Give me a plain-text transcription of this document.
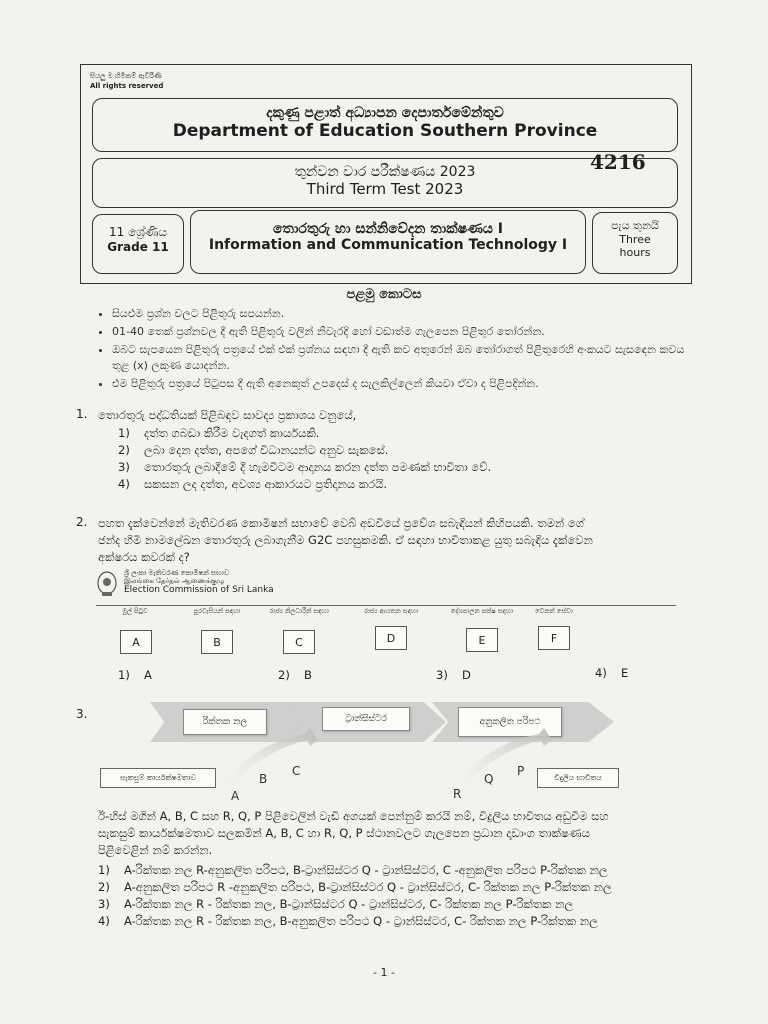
සියලු ම හිමිකම් ඇවිරිණි
All rights reserved
දකුණු පළාත් අධ්‍යාපන දෙපාර්තමේන්තුව
Department of Education Southern Province
තුන්වන වාර පරීක්ෂණය 2023
Third Term Test 2023
4216
11 ශ්‍රේණිය
Grade 11
තොරතුරු හා සන්නිවේදන තාක්ෂණය I
Information and Communication Technology I
පැය තුනයි
Three
hours
පළමු කොටස
• සියළුම ප්‍රශ්න වලට පිළිතුරු සපයන්න.
• 01-40 තෙක් ප්‍රශ්නවල දී ඇති පිළිතුරු වලින් නිවැරදි හෝ වඩාත්ම ගැලපෙන පිළිතුර තෝරන්න.
• ඔබට සැපයෙන පිළිතුරු පත්‍රයේ එක් එක් ප්‍රශ්නය සඳහා දී ඇති කව අතුරෙන් ඔබ තෝරාගත් පිළිතුරෙහි අංකයට සැසඳෙන කවය තුළ (x) ලකුණ යොදන්න.
• එම පිළිතුරු පත්‍රයේ පිටුපස දී ඇති අනෙකුත් උපදෙස් ද සැලකිල්ලෙන් කියවා ඒවා ද පිළිපදින්න.
1. තොරතුරු පද්ධතියක් පිළිබඳව සාවද්‍ය ප්‍රකාශය වනුයේ,
1) දත්ත ගබඩා කිරීම වැදගත් කාර්යයකි.
2) ලබා දෙන දත්ත, අපගේ විධානයන්ට අනුව සැකසේ.
3) තොරතුරු ලබාදීමේ දී හැමවිටම ආදානය කරන දත්ත පමණක් භාවිතා වේ.
4) සකසන ලද දත්ත, අවශ්‍ය ආකාරයට ප්‍රතිදානය කරයි.
2. පහත දැක්වෙන්නේ මැතිවරණ කොමිෂන් සභාවේ වෙබ් අඩවියේ ප්‍රවේශ සබැඳියන් කිහිපයකි. තමන් ගේ
ඡන්ද හිමි නාමලේඛන තොරතුරු ලබාගැනීම G2C පහසුකමකි. ඒ සඳහා භාවිතාකළ යුතු සබැඳිය දැක්වෙන
අක්ෂරය කවරක් ද?
ශ්‍රී ලංකා මැතිවරණ කොමිෂන් සභාව
இலங்கை தேர்தல் ஆணைக்குழு
Election Commission of Sri Lanka
මුල් පිටුව
A
පුරවැසියන් සඳහා
B
රාජ්‍ය නිලධාරීන් සඳහා
C
රාජ්‍ය ආයතන සඳහා
D
දේශපාලන පක්ෂ සඳහා
E
වෙනත් සේවා
F
1) A	2) B	3) D	4) E
3.
රික්තක නල	ට්‍රාන්සිස්ටර	අනුකලිත පරිපථ
සැකසුම් කාර්යක්ෂමතාව	විදුලිය භාවිතය
A
B
C
R
Q
P
ඊ-හිස් මගින් A, B, C සහ R, Q, P පිළිවෙලින් වැඩි අගයක් පෙන්නුම් කරයි නම්, විදුලිය භාවිතය අඩුවීම සහ
සැකසුම් කාර්යක්ෂමතාව සලකමින් A, B, C හා R, Q, P ස්ථානවලට ගැලපෙන ප්‍රධාන දෘඩාංග තාක්ෂණය
පිළිවෙළින් නම් කරන්න.
1) A-රික්තක නල R-අනුකලිත පරිපථ, B-ට්‍රාන්සිස්ටර Q - ට්‍රාන්සිස්ටර, C -අනුකලිත පරිපථ P-රික්තක නල
2) A-අනුකලිත පරිපථ R -අනුකලිත පරිපථ, B-ට්‍රාන්සිස්ටර Q - ට්‍රාන්සිස්ටර, C- රික්තක නල P-රික්තක නල
3) A-රික්තක නල R - රික්තක නල, B-ට්‍රාන්සිස්ටර Q - ට්‍රාන්සිස්ටර, C- රික්තක නල P-රික්තක නල
4) A-රික්තක නල R - රික්තක නල, B-අනුකලිත පරිපථ Q - ට්‍රාන්සිස්ටර, C- රික්තක නල P-රික්තක නල
- 1 -
